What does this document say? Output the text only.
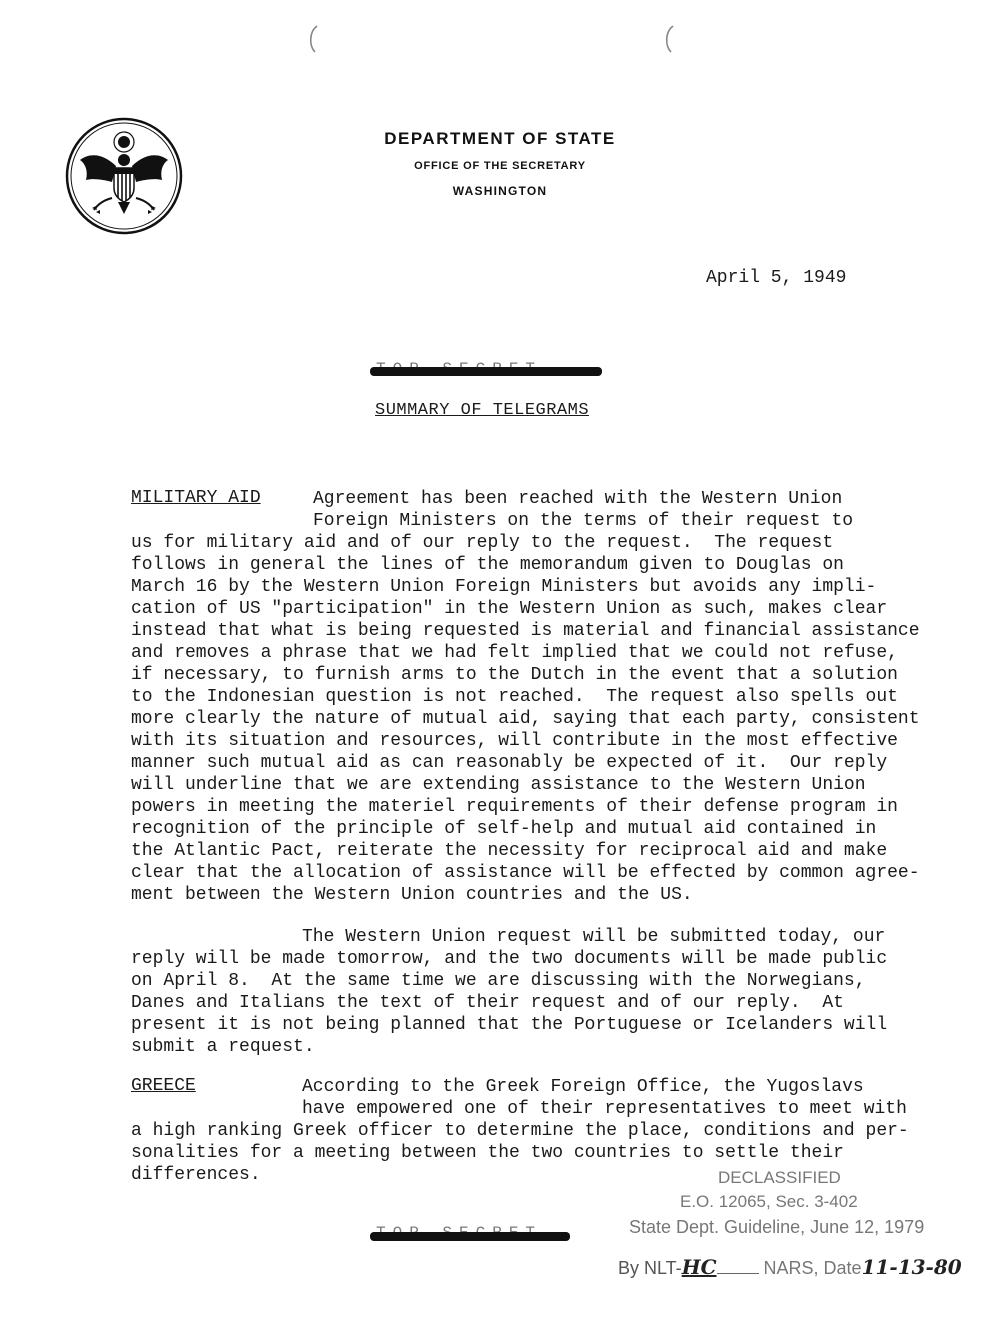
DEPARTMENT OF STATE
OFFICE OF THE SECRETARY
WASHINGTON
April 5, 1949
SUMMARY OF TELEGRAMS
MILITARY AID	Agreement has been reached with the Western Union
Foreign Ministers on the terms of their request to
us for military aid and of our reply to the request.  The request
follows in general the lines of the memorandum given to Douglas on
March 16 by the Western Union Foreign Ministers but avoids any impli-
cation of US "participation" in the Western Union as such, makes clear
instead that what is being requested is material and financial assistance
and removes a phrase that we had felt implied that we could not refuse,
if necessary, to furnish arms to the Dutch in the event that a solution
to the Indonesian question is not reached.  The request also spells out
more clearly the nature of mutual aid, saying that each party, consistent
with its situation and resources, will contribute in the most effective
manner such mutual aid as can reasonably be expected of it.  Our reply
will underline that we are extending assistance to the Western Union
powers in meeting the materiel requirements of their defense program in
recognition of the principle of self-help and mutual aid contained in
the Atlantic Pact, reiterate the necessity for reciprocal aid and make
clear that the allocation of assistance will be effected by common agree-
ment between the Western Union countries and the US.
The Western Union request will be submitted today, our
reply will be made tomorrow, and the two documents will be made public
on April 8.  At the same time we are discussing with the Norwegians,
Danes and Italians the text of their request and of our reply.  At
present it is not being planned that the Portuguese or Icelanders will
submit a request.
GREECE	According to the Greek Foreign Office, the Yugoslavs
have empowered one of their representatives to meet with
a high ranking Greek officer to determine the place, conditions and per-
sonalities for a meeting between the two countries to settle their
differences.	DECLASSIFIED
E.O. 12065, Sec. 3-402
State Dept. Guideline, June 12, 1979
By NLT-HC	NARS, Date11-13-80
